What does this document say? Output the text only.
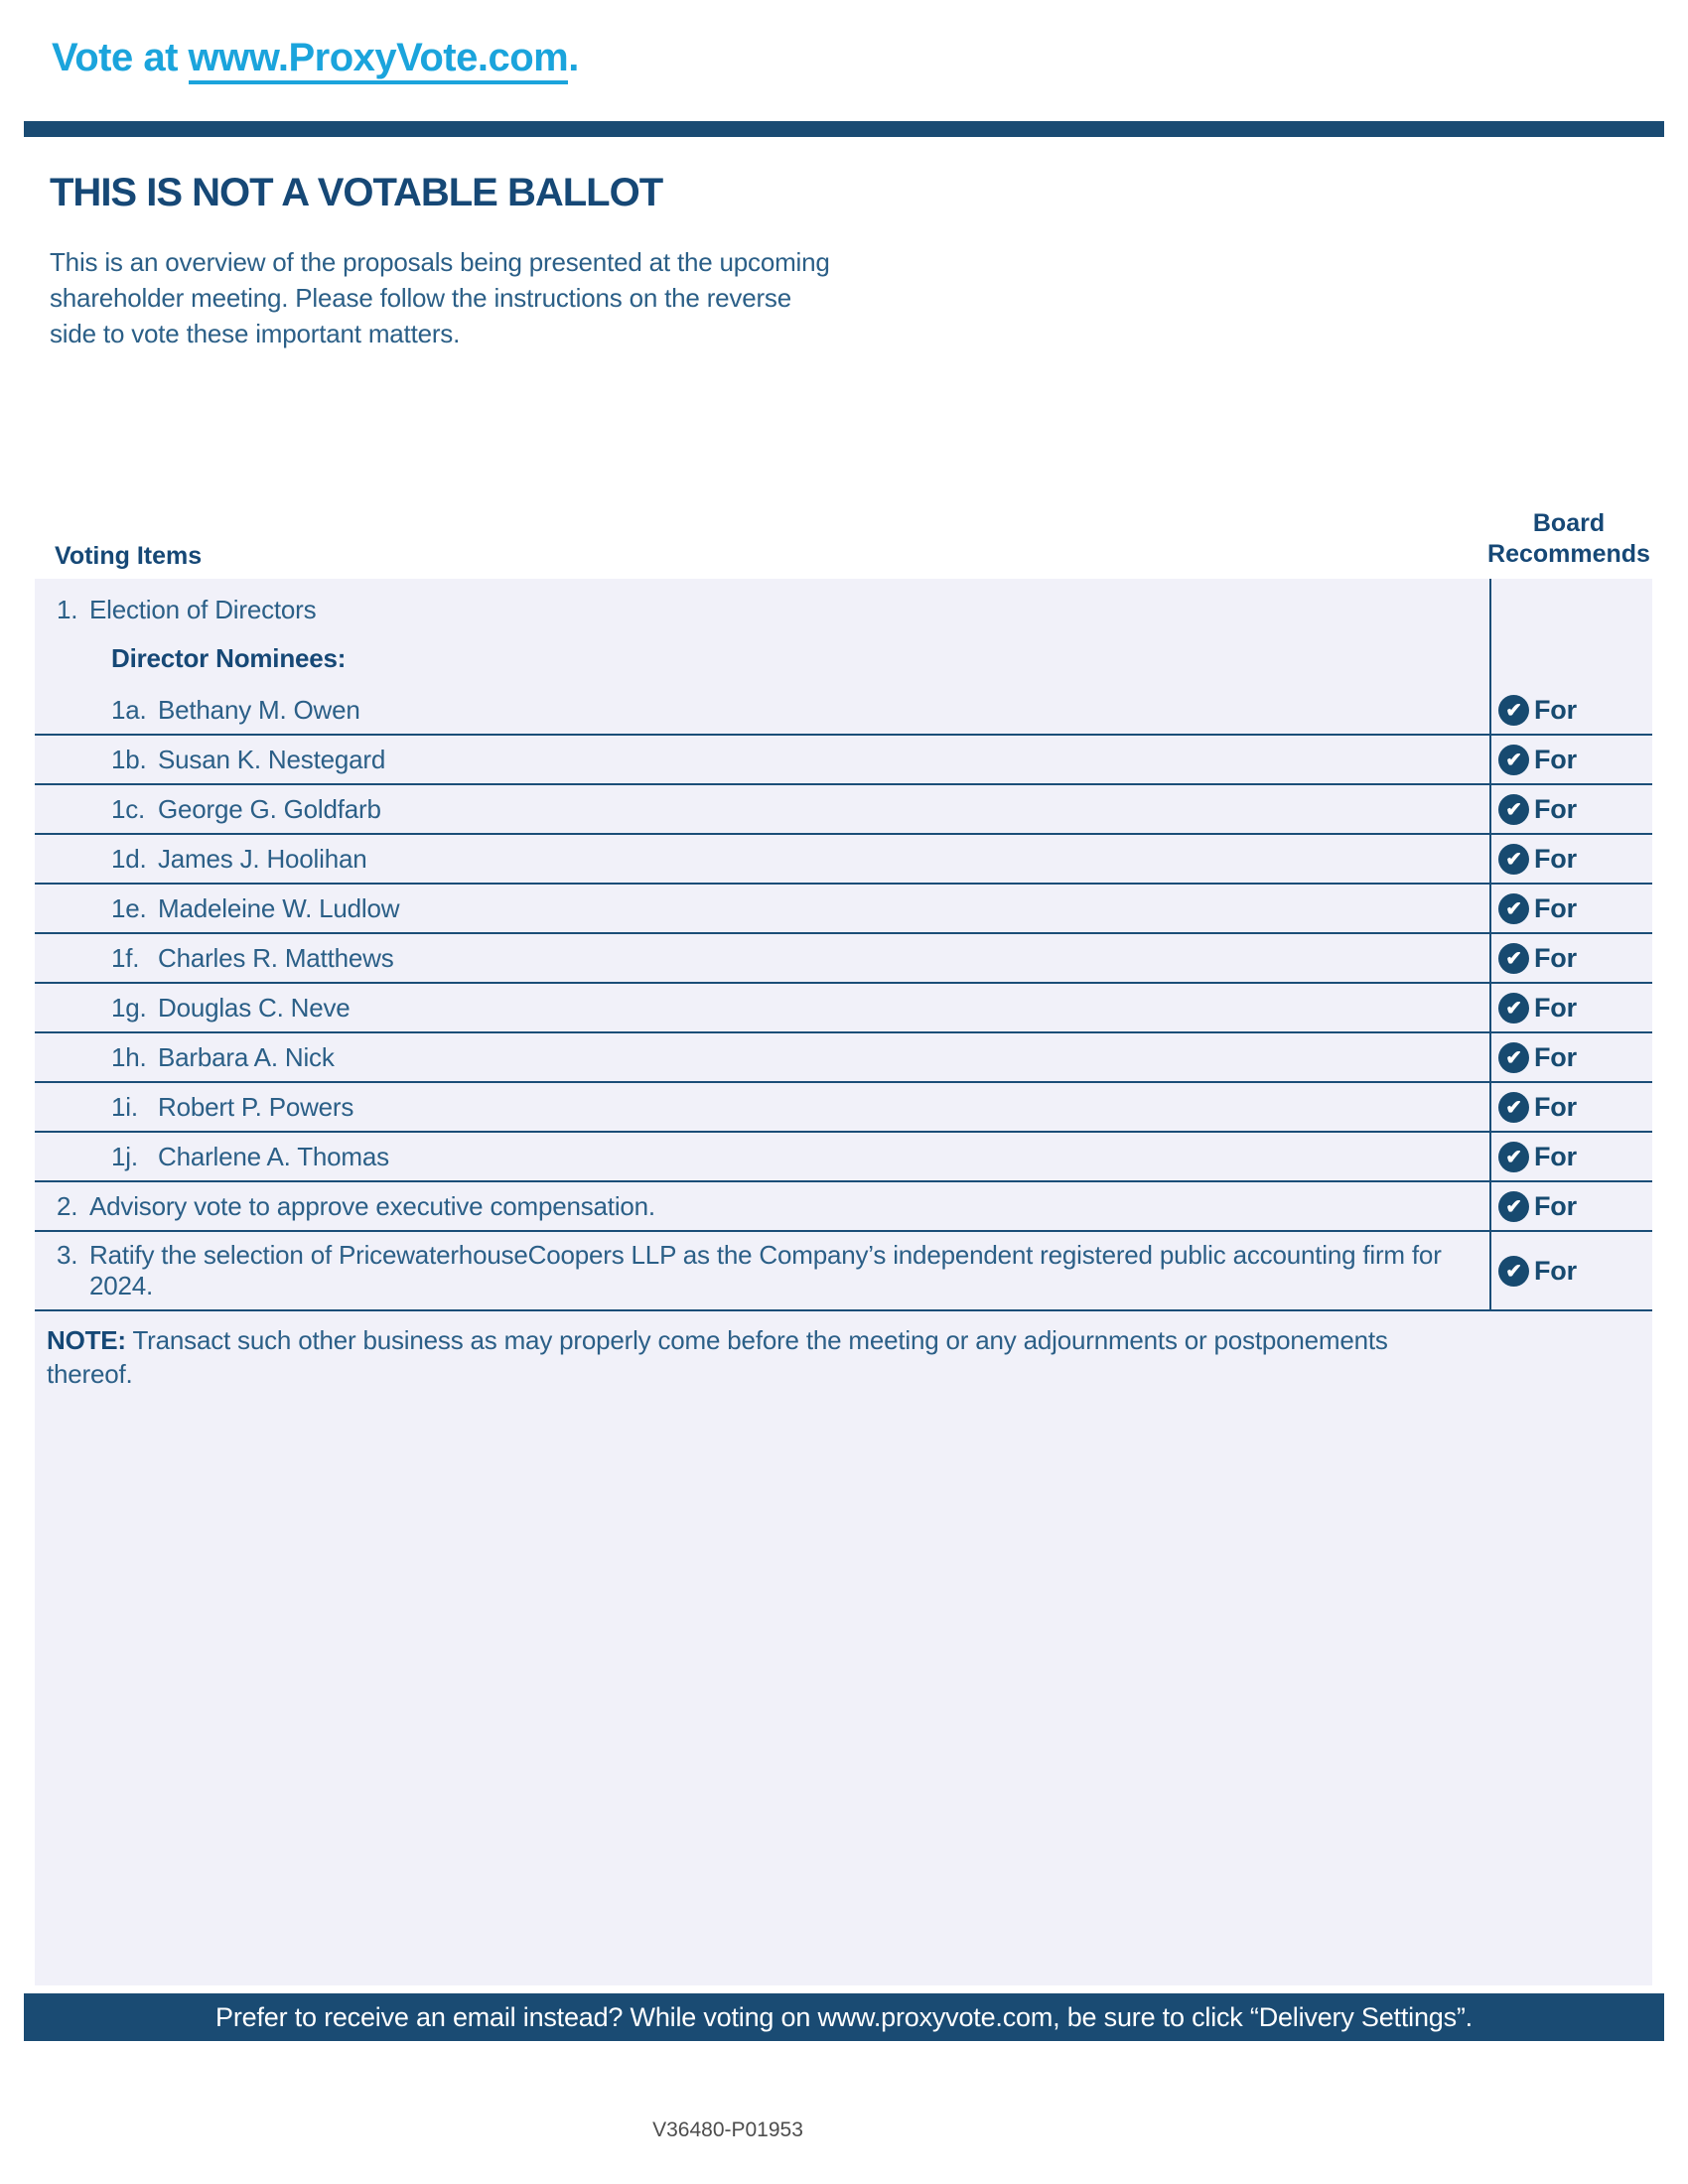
Vote at www.ProxyVote.com.
THIS IS NOT A VOTABLE BALLOT
This is an overview of the proposals being presented at the upcoming shareholder meeting. Please follow the instructions on the reverse side to vote these important matters.
Voting Items
Board
Recommends
1. Election of Directors
Director Nominees:
1a. Bethany M. Owen	✔ For
1b. Susan K. Nestegard	✔ For
1c. George G. Goldfarb	✔ For
1d. James J. Hoolihan	✔ For
1e. Madeleine W. Ludlow	✔ For
1f. Charles R. Matthews	✔ For
1g. Douglas C. Neve	✔ For
1h. Barbara A. Nick	✔ For
1i. Robert P. Powers	✔ For
1j. Charlene A. Thomas	✔ For
2. Advisory vote to approve executive compensation.	✔ For
3. Ratify the selection of PricewaterhouseCoopers LLP as the Company’s independent registered public accounting firm for 2024.	✔ For
NOTE: Transact such other business as may properly come before the meeting or any adjournments or postponements thereof.
Prefer to receive an email instead? While voting on www.proxyvote.com, be sure to click “Delivery Settings”.
V36480-P01953
